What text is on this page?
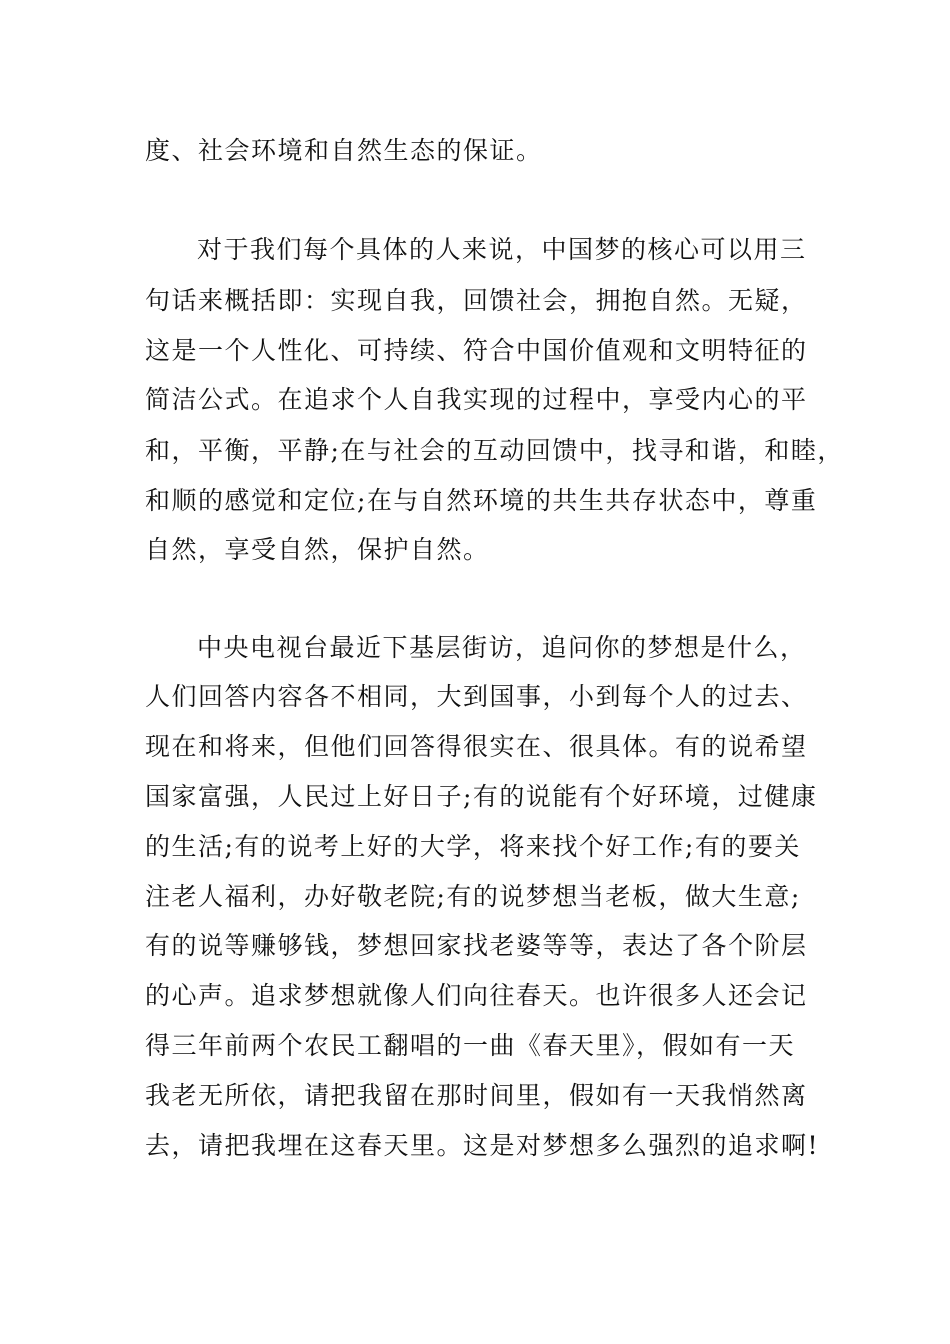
度、社会环境和自然生态的保证。
对于我们每个具体的人来说，中国梦的核心可以用三
句话来概括即：实现自我，回馈社会，拥抱自然。无疑，
这是一个人性化、可持续、符合中国价值观和文明特征的
简洁公式。在追求个人自我实现的过程中，享受内心的平
和，平衡，平静;在与社会的互动回馈中，找寻和谐，和睦，
和顺的感觉和定位;在与自然环境的共生共存状态中，尊重
自然，享受自然，保护自然。
中央电视台最近下基层街访，追问你的梦想是什么，
人们回答内容各不相同，大到国事，小到每个人的过去、
现在和将来，但他们回答得很实在、很具体。有的说希望
国家富强，人民过上好日子;有的说能有个好环境，过健康
的生活;有的说考上好的大学，将来找个好工作;有的要关
注老人福利，办好敬老院;有的说梦想当老板，做大生意;
有的说等赚够钱，梦想回家找老婆等等，表达了各个阶层
的心声。追求梦想就像人们向往春天。也许很多人还会记
得三年前两个农民工翻唱的一曲《春天里》，假如有一天
我老无所依，请把我留在那时间里，假如有一天我悄然离
去，请把我埋在这春天里。这是对梦想多么强烈的追求啊!
